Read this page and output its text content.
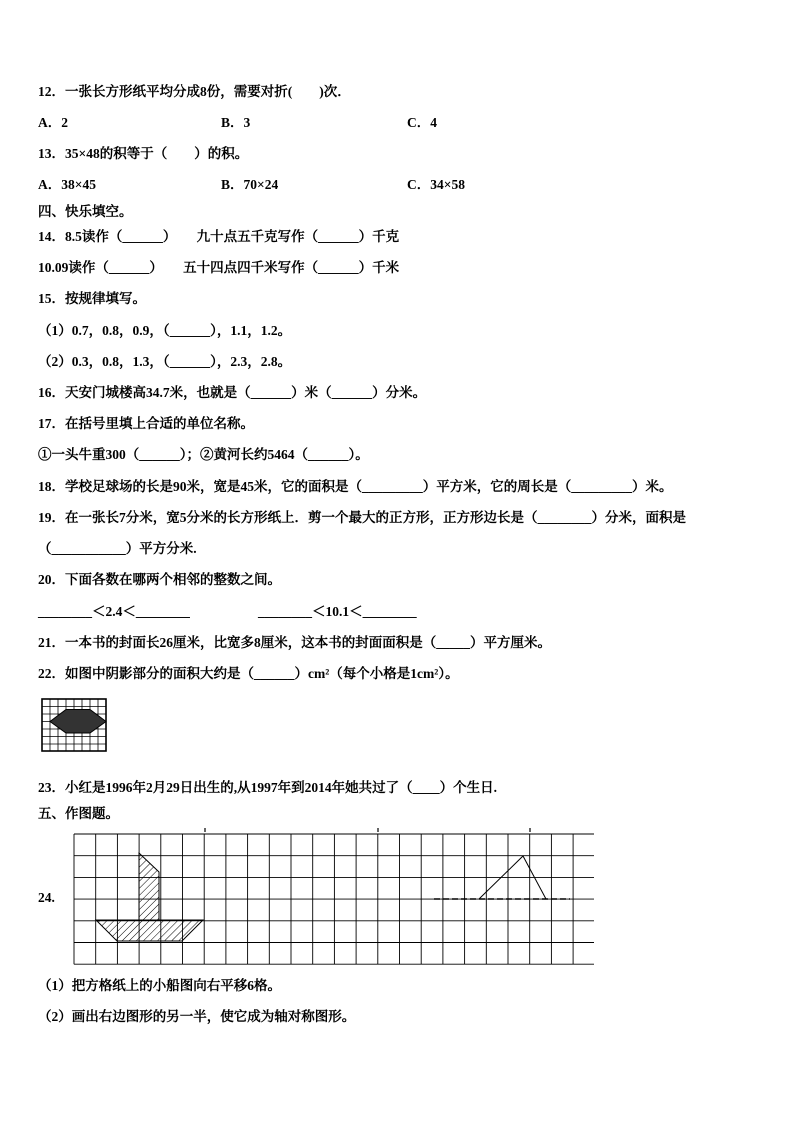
12．一张长方形纸平均分成8份，需要对折(　　)次．
A．2	B．3	C．4
13．35×48的积等于（　　）的积。
A．38×45	B．70×24	C．34×58
四、快乐填空。
14．8.5读作（______）　　九十点五千克写作（______）千克
10.09读作（______）　　五十四点四千米写作（______）千米
15．按规律填写。
（1）0.7，0.8，0.9，（______），1.1，1.2。
（2）0.3，0.8，1.3，（______），2.3，2.8。
16．天安门城楼高34.7米，也就是（______）米（______）分米。
17．在括号里填上合适的单位名称。
①一头牛重300（______）；②黄河长约5464（______）。
18．学校足球场的长是90米，宽是45米，它的面积是（_________）平方米，它的周长是（_________）米。
19．在一张长7分米，宽5分米的长方形纸上．剪一个最大的正方形，正方形边长是（________）分米，面积是
（___________）平方分米.
20．下面各数在哪两个相邻的整数之间。
________＜2.4＜________	________＜10.1＜________
21．一本书的封面长26厘米，比宽多8厘米，这本书的封面面积是（_____）平方厘米。
22．如图中阴影部分的面积大约是（______）cm²（每个小格是1cm²）。
23．小红是1996年2月29日出生的,从1997年到2014年她共过了（____）个生日.
五、作图题。
24.
（1）把方格纸上的小船图向右平移6格。
（2）画出右边图形的另一半，使它成为轴对称图形。
